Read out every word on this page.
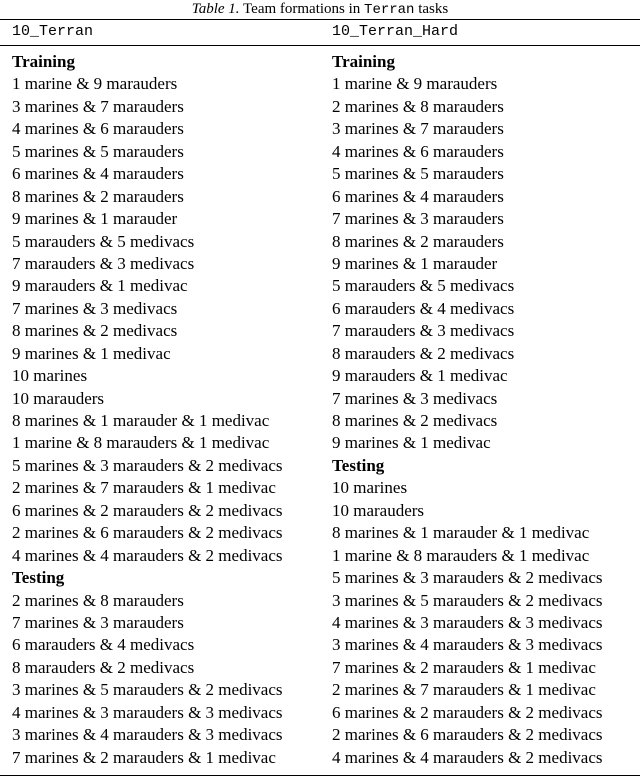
Table 1. Team formations in Terran tasks
10_Terran	10_Terran_Hard
Training
1 marine & 9 marauders
3 marines & 7 marauders
4 marines & 6 marauders
5 marines & 5 marauders
6 marines & 4 marauders
8 marines & 2 marauders
9 marines & 1 marauder
5 marauders & 5 medivacs
7 marauders & 3 medivacs
9 marauders & 1 medivac
7 marines & 3 medivacs
8 marines & 2 medivacs
9 marines & 1 medivac
10 marines
10 marauders
8 marines & 1 marauder & 1 medivac
1 marine & 8 marauders & 1 medivac
5 marines & 3 marauders & 2 medivacs
2 marines & 7 marauders & 1 medivac
6 marines & 2 marauders & 2 medivacs
2 marines & 6 marauders & 2 medivacs
4 marines & 4 marauders & 2 medivacs
Testing
2 marines & 8 marauders
7 marines & 3 marauders
6 marauders & 4 medivacs
8 marauders & 2 medivacs
3 marines & 5 marauders & 2 medivacs
4 marines & 3 marauders & 3 medivacs
3 marines & 4 marauders & 3 medivacs
7 marines & 2 marauders & 1 medivac
Training
1 marine & 9 marauders
2 marines & 8 marauders
3 marines & 7 marauders
4 marines & 6 marauders
5 marines & 5 marauders
6 marines & 4 marauders
7 marines & 3 marauders
8 marines & 2 marauders
9 marines & 1 marauder
5 marauders & 5 medivacs
6 marauders & 4 medivacs
7 marauders & 3 medivacs
8 marauders & 2 medivacs
9 marauders & 1 medivac
7 marines & 3 medivacs
8 marines & 2 medivacs
9 marines & 1 medivac
Testing
10 marines
10 marauders
8 marines & 1 marauder & 1 medivac
1 marine & 8 marauders & 1 medivac
5 marines & 3 marauders & 2 medivacs
3 marines & 5 marauders & 2 medivacs
4 marines & 3 marauders & 3 medivacs
3 marines & 4 marauders & 3 medivacs
7 marines & 2 marauders & 1 medivac
2 marines & 7 marauders & 1 medivac
6 marines & 2 marauders & 2 medivacs
2 marines & 6 marauders & 2 medivacs
4 marines & 4 marauders & 2 medivacs
